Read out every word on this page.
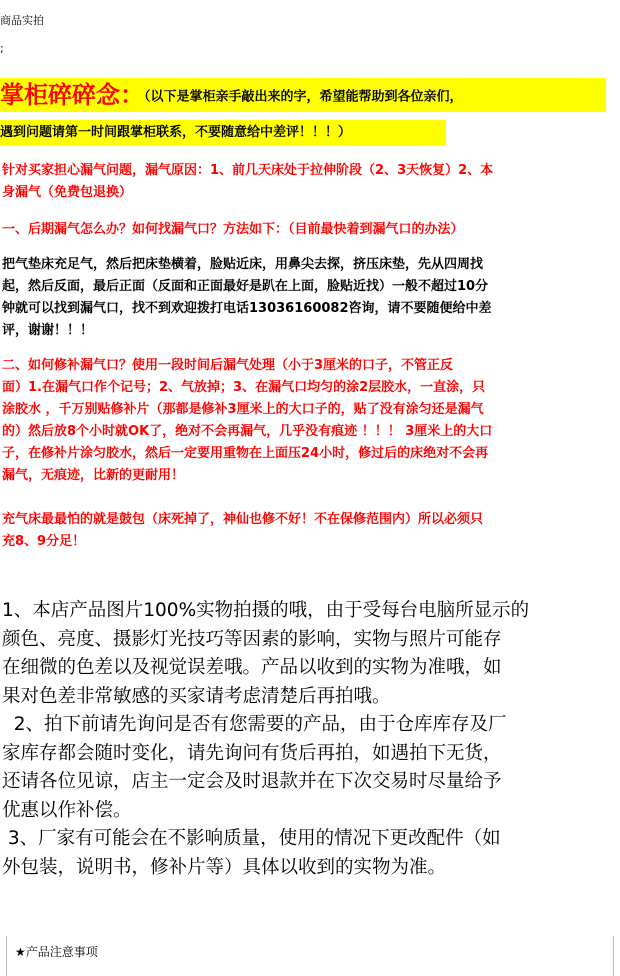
商品实拍
;
掌柜碎碎念：（以下是掌柜亲手敲出来的字，希望能帮助到各位亲们，
遇到问题请第一时间跟掌柜联系，不要随意给中差评！！！）
针对买家担心漏气问题，漏气原因：1、前几天床处于拉伸阶段（2、3天恢复）2、本
身漏气（免费包退换）
一、后期漏气怎么办？如何找漏气口？方法如下：（目前最快着到漏气口的办法）
把气垫床充足气，然后把床垫横着，脸贴近床，用鼻尖去探，挤压床垫，先从四周找
起，然后反面，最后正面（反面和正面最好是趴在上面，脸贴近找）一般不超过10分
钟就可以找到漏气口，找不到欢迎拨打电话13036160082咨询，请不要随便给中差
评，谢谢！！！
二、如何修补漏气口？使用一段时间后漏气处理（小于3厘米的口子，不管正反
面）1.在漏气口作个记号；2、气放掉；3、在漏气口均匀的涂2层胶水，一直涂，只
涂胶水 ，千万别贴修补片（那都是修补3厘米上的大口子的，贴了没有涂匀还是漏气
的）然后放8个小时就OK了，绝对不会再漏气，几乎没有痕迹 ！！！ 3厘米上的大口
子，在修补片涂匀胶水，然后一定要用重物在上面压24小时，修过后的床绝对不会再
漏气，无痕迹，比新的更耐用！
充气床最最怕的就是鼓包（床死掉了，神仙也修不好！不在保修范围内）所以必须只
充8、9分足！
1、本店产品图片100%实物拍摄的哦，由于受每台电脑所显示的
颜色、亮度、摄影灯光技巧等因素的影响，实物与照片可能存
在细微的色差以及视觉误差哦。产品以收到的实物为准哦，如
果对色差非常敏感的买家请考虑清楚后再拍哦。
2、拍下前请先询问是否有您需要的产品，由于仓库库存及厂
家库存都会随时变化，请先询问有货后再拍，如遇拍下无货，
还请各位见谅，店主一定会及时退款并在下次交易时尽量给予
优惠以作补偿。
3、厂家有可能会在不影响质量，使用的情况下更改配件（如
外包装，说明书，修补片等）具体以收到的实物为准。
★产品注意事项
